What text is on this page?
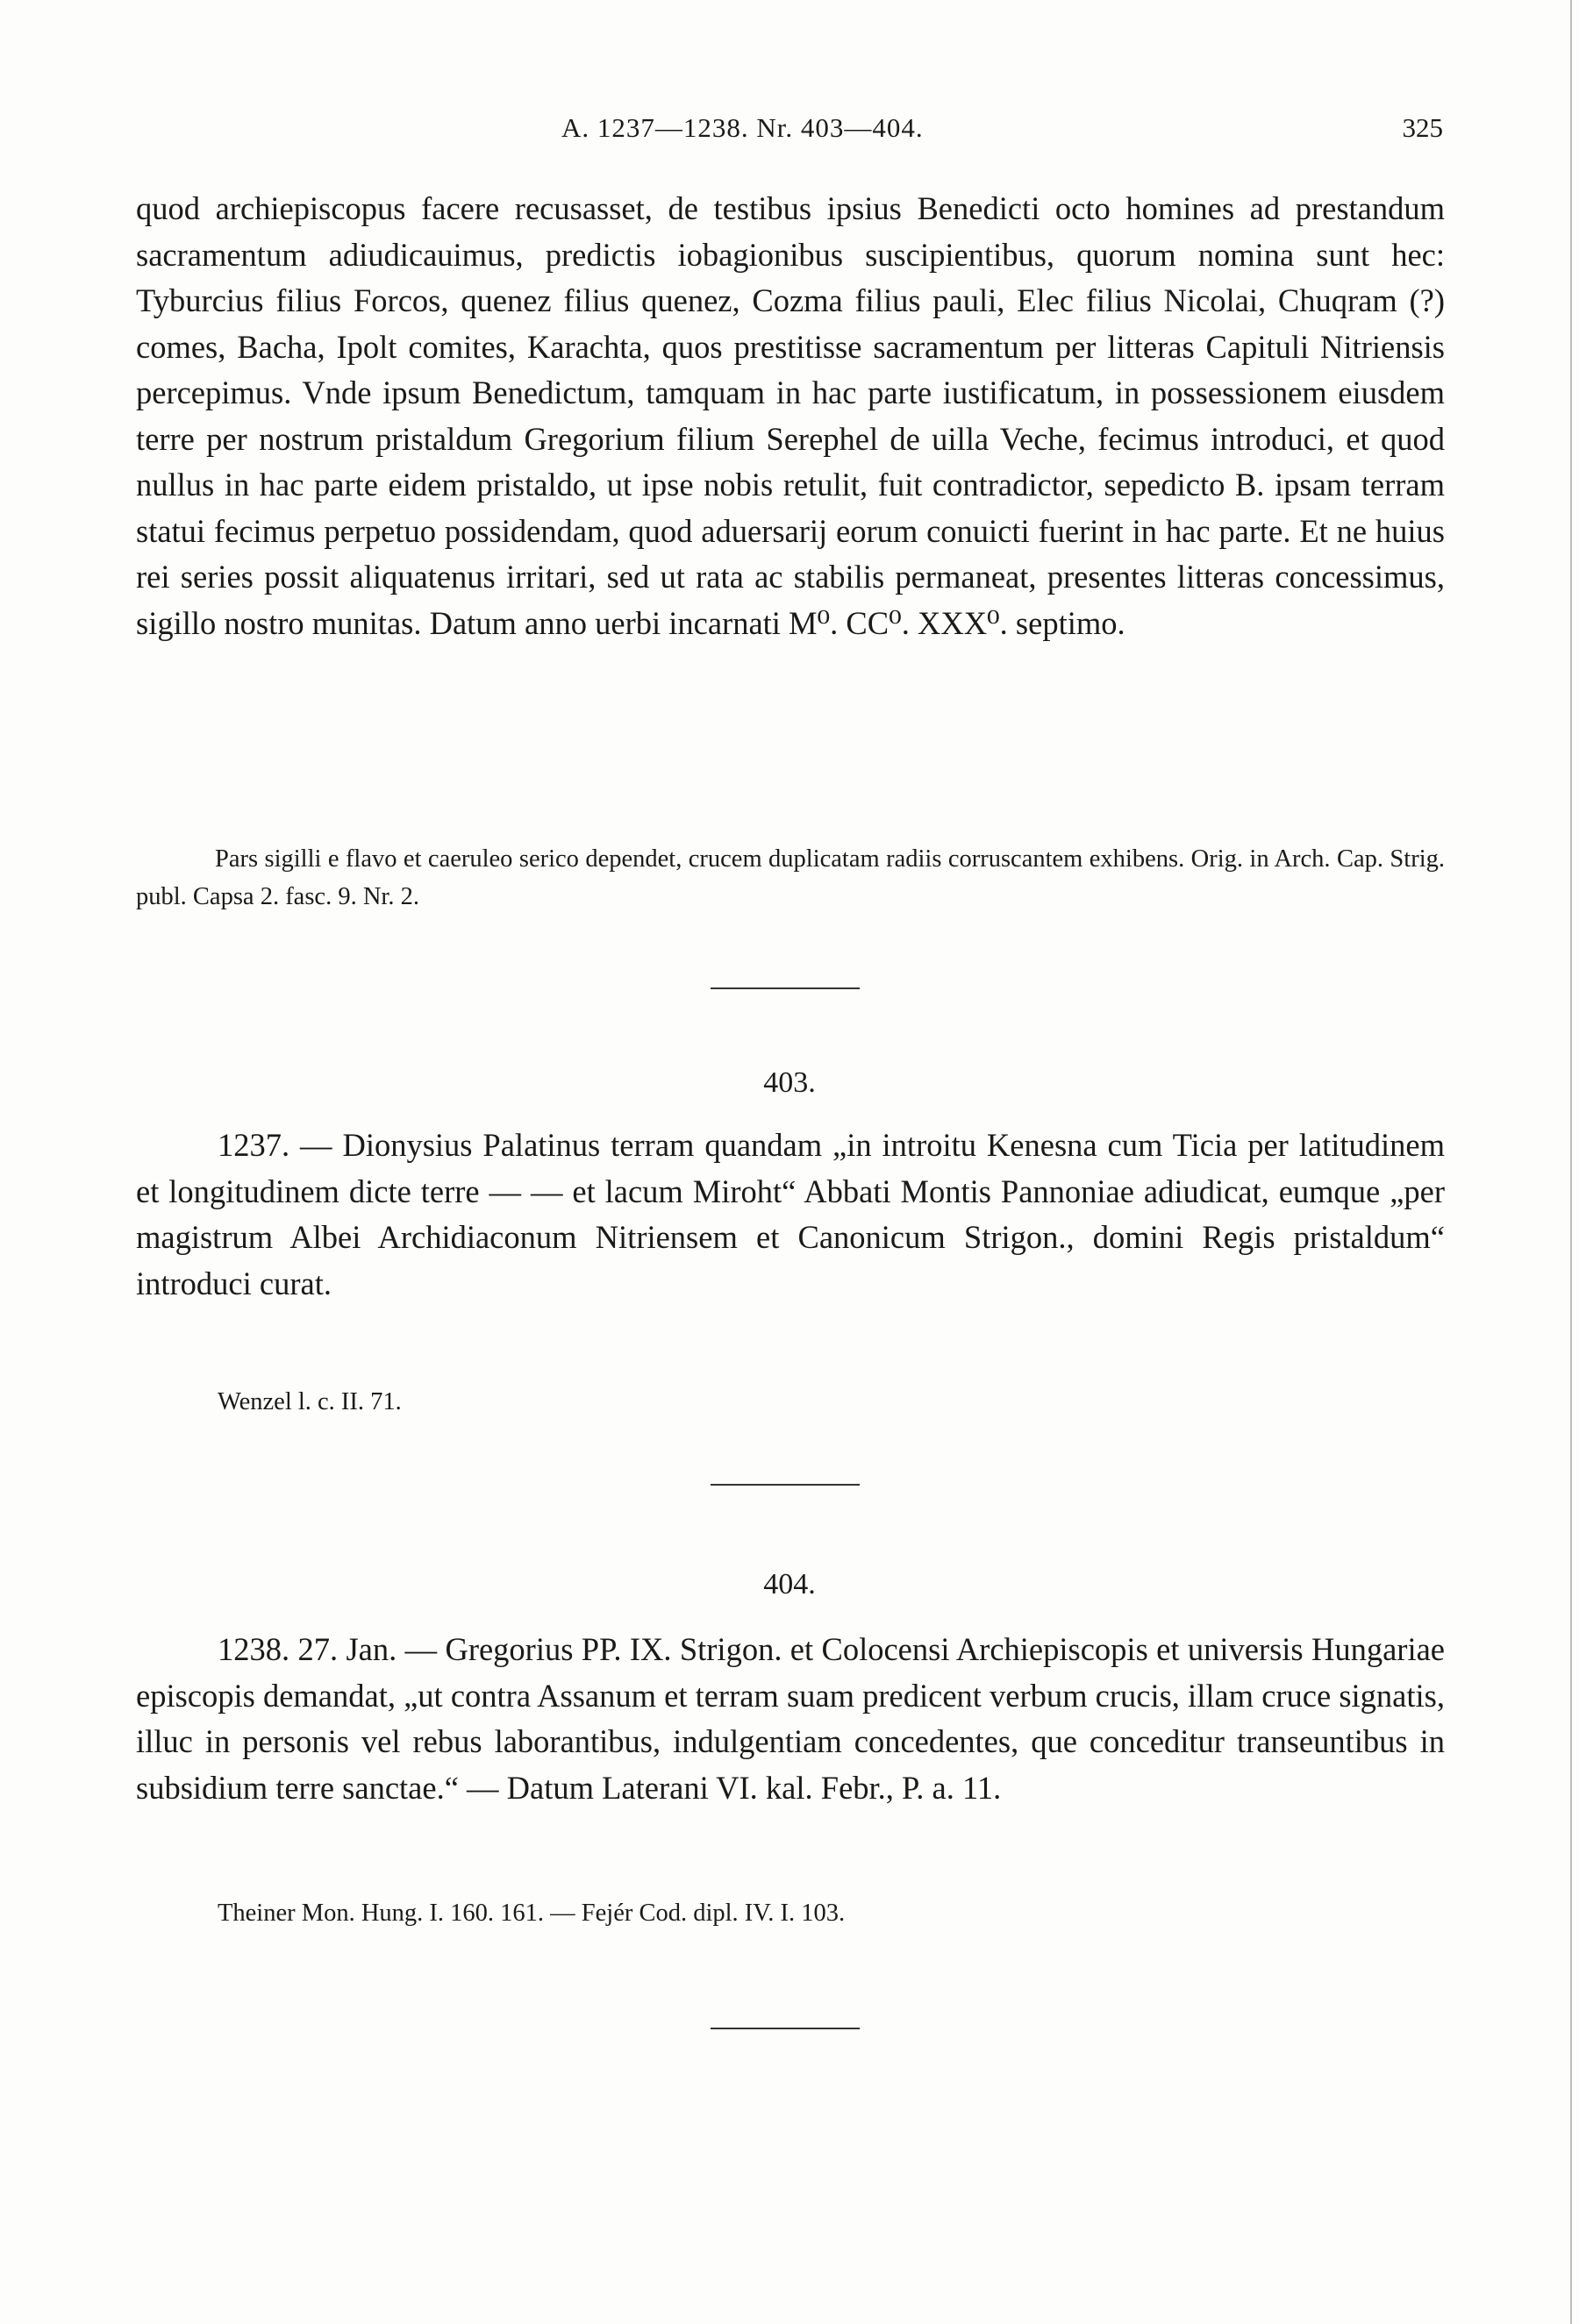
A. 1237—1238. Nr. 403—404.	325
quod archiepiscopus facere recusasset, de testibus ipsius Benedicti octo homines ad prestandum sacramentum adiudicauimus, predictis iobagionibus suscipientibus, quorum nomina sunt hec: Tyburcius filius Forcos, quenez filius quenez, Cozma filius pauli, Elec filius Nicolai, Chuqram (?) comes, Bacha, Ipolt comites, Karachta, quos prestitisse sacramentum per litteras Capituli Nitriensis percepimus. Vnde ipsum Benedictum, tamquam in hac parte iustificatum, in possessionem eiusdem terre per nostrum pristaldum Gregorium filium Serephel de uilla Veche, fecimus introduci, et quod nullus in hac parte eidem pristaldo, ut ipse nobis retulit, fuit contradictor, sepedicto B. ipsam terram statui fecimus perpetuo possidendam, quod aduersarij eorum conuicti fuerint in hac parte. Et ne huius rei series possit aliquatenus irritari, sed ut rata ac stabilis permaneat, presentes litteras concessimus, sigillo nostro munitas. Datum anno uerbi incarnati M⁰. CC⁰. XXX⁰. septimo.
Pars sigilli e flavo et caeruleo serico dependet, crucem duplicatam radiis corruscantem exhibens. Orig. in Arch. Cap. Strig. publ. Capsa 2. fasc. 9. Nr. 2.
403.
1237. — Dionysius Palatinus terram quandam „in introitu Kenesna cum Ticia per latitudinem et longitudinem dicte terre — — et lacum Miroht“ Abbati Montis Pannoniae adiudicat, eumque „per magistrum Albei Archidiaconum Nitriensem et Canonicum Strigon., domini Regis pristaldum“ introduci curat.
Wenzel l. c. II. 71.
404.
1238. 27. Jan. — Gregorius PP. IX. Strigon. et Colocensi Archiepiscopis et universis Hungariae episcopis demandat, „ut contra Assanum et terram suam predicent verbum crucis, illam cruce signatis, illuc in personis vel rebus laborantibus, indulgentiam concedentes, que conceditur transeuntibus in subsidium terre sanctae.“ — Datum Laterani VI. kal. Febr., P. a. 11.
Theiner Mon. Hung. I. 160. 161. — Fejér Cod. dipl. IV. I. 103.
